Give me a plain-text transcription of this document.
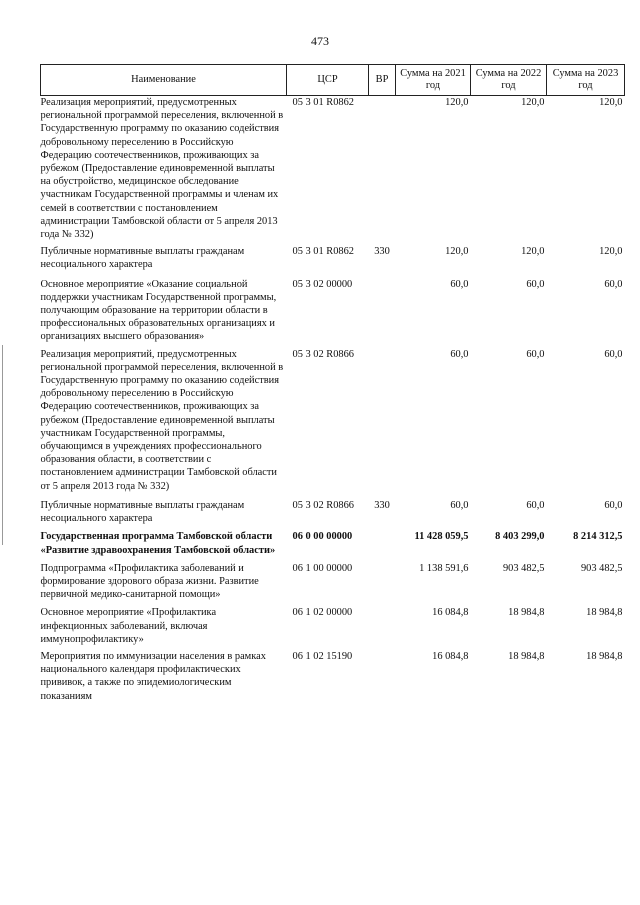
473
Наименование	ЦСР	ВР	Сумма на 2021 год	Сумма на 2022 год	Сумма на 2023 год
Реализация мероприятий, предусмотренных региональной программой переселения, включенной в Государственную программу по оказанию содействия добровольному переселению в Российскую Федерацию соотечественников, проживающих за рубежом (Предоставление единовременной выплаты на обустройство, медицинское обследование участникам Государственной программы и членам их семей в соответствии с постановлением администрации Тамбовской области от 5 апреля 2013 года № 332)	05 3 01 R0862		120,0	120,0	120,0
Публичные нормативные выплаты гражданам несоциального характера	05 3 01 R0862	330	120,0	120,0	120,0
Основное мероприятие «Оказание социальной поддержки участникам Государственной программы, получающим образование на территории области в профессиональных образовательных организациях и организациях высшего образования»	05 3 02 00000		60,0	60,0	60,0
Реализация мероприятий, предусмотренных региональной программой переселения, включенной в Государственную программу по оказанию содействия добровольному переселению в Российскую Федерацию соотечественников, проживающих за рубежом (Предоставление единовременной выплаты участникам Государственной программы, обучающимся в учреждениях профессионального образования области, в соответствии с постановлением администрации Тамбовской области от 5 апреля 2013 года № 332)	05 3 02 R0866		60,0	60,0	60,0
Публичные нормативные выплаты гражданам несоциального характера	05 3 02 R0866	330	60,0	60,0	60,0
Государственная программа Тамбовской области «Развитие здравоохранения Тамбовской области»	06 0 00 00000		11 428 059,5	8 403 299,0	8 214 312,5
Подпрограмма «Профилактика заболеваний и формирование здорового образа жизни. Развитие первичной медико-санитарной помощи»	06 1 00 00000		1 138 591,6	903 482,5	903 482,5
Основное мероприятие «Профилактика инфекционных заболеваний, включая иммунопрофилактику»	06 1 02 00000		16 084,8	18 984,8	18 984,8
Мероприятия по иммунизации населения в рамках национального календаря профилактических прививок, а также по эпидемиологическим показаниям	06 1 02 15190		16 084,8	18 984,8	18 984,8
